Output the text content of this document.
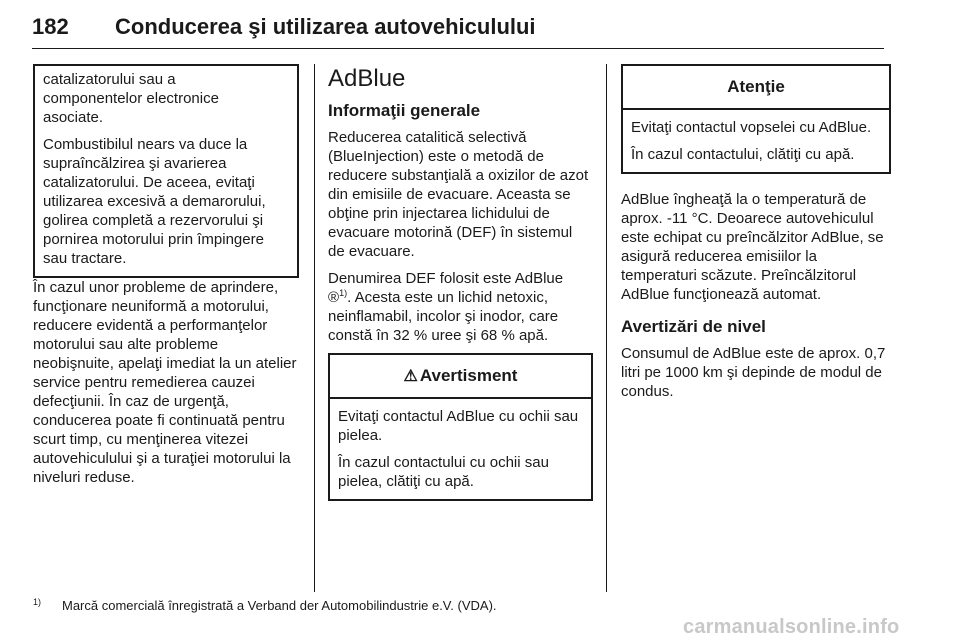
182 Conducerea şi utilizarea autovehiculului

catalizatorului sau a
componentelor electronice
asociate.

Combustibilul nears va duce la supraîncălzirea şi avarierea catalizatorului. De aceea, evitaţi utilizarea excesivă a demarorului, golirea completă a rezervorului şi pornirea motorului prin împingere sau tractare.

În cazul unor probleme de aprindere, funcţionare neuniformă a motorului, reducere evidentă a performanţelor motorului sau alte probleme neobişnuite, apelaţi imediat la un atelier service pentru remedierea cauzei defecţiunii. În caz de urgenţă, conducerea poate fi continuată pentru scurt timp, cu menţinerea vitezei autovehiculului şi a turaţiei motorului la niveluri reduse.

AdBlue
Informaţii generale

Reducerea catalitică selectivă (BlueInjection) este o metodă de reducere substanţială a oxizilor de azot din emisiile de evacuare. Aceasta se obţine prin injectarea lichidului de evacuare motorină (DEF) în sistemul de evacuare.

Denumirea DEF folosit este AdBlue
®$^{1)}$. Acesta este un lichid netoxic, neinflamabil, incolor şi inodor, care constă în 32 % uree şi 68 % apă.

⚠ Avertisment

Evitaţi contactul AdBlue cu ochii sau pielea.

În cazul contactului cu ochii sau pielea, clătiţi cu apă.

Atenţie

Evitaţi contactul vopselei cu AdBlue.

În cazul contactului, clătiţi cu apă.

AdBlue îngheaţă la o temperatură de aprox. -11 °C. Deoarece autovehiculul este echipat cu preîncălzitor AdBlue, se asigură reducerea emisiilor la temperaturi scăzute. Preîncălzitorul AdBlue funcţionează automat.

Avertizări de nivel

Consumul de AdBlue este de aprox. 0,7 litri pe 1000 km şi depinde de modul de condus.

1) Marcă comercială înregistrată a Verband der Automobilindustrie e.V. (VDA).
carmanualsonline.info
